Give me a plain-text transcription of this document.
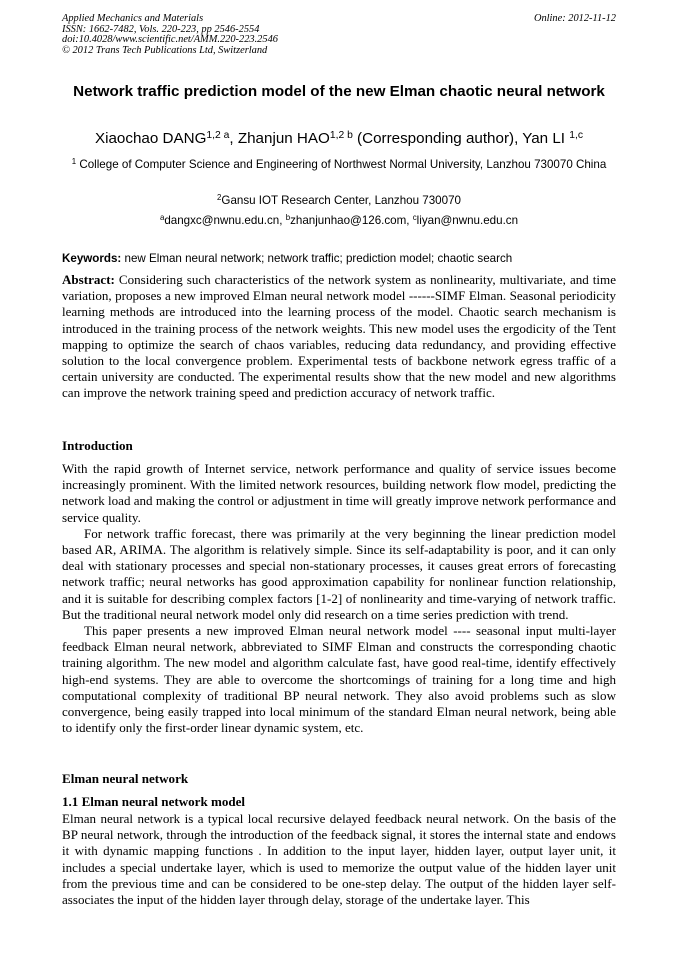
Applied Mechanics and Materials
ISSN: 1662-7482, Vols. 220-223, pp 2546-2554
doi:10.4028/www.scientific.net/AMM.220-223.2546
© 2012 Trans Tech Publications Ltd, Switzerland
Online: 2012-11-12
Network traffic prediction model of the new Elman chaotic neural network
Xiaochao $DANG^{1,2 a}$, Zhanjun $HAO^{1,2 b}$ (Corresponding author), Yan LI $^{1,c}$
$^1$ College of Computer Science and Engineering of Northwest Normal University, Lanzhou 730070 China
$^2$Gansu IOT Research Center, Lanzhou 730070
$^a$dangxc@nwnu.edu.cn, $^b$zhanjunhao@126.com, $^c$liyan@nwnu.edu.cn
Keywords: new Elman neural network; network traffic; prediction model; chaotic search
Abstract: Considering such characteristics of the network system as nonlinearity, multivariate, and time variation, proposes a new improved Elman neural network model ------SIMF Elman. Seasonal periodicity learning methods are introduced into the learning process of the model. Chaotic search mechanism is introduced in the training process of the network weights. This new model uses the ergodicity of the Tent mapping to optimize the search of chaos variables, reducing data redundancy, and providing effective solution to the local convergence problem. Experimental tests of backbone network egress traffic of a certain university are conducted. The experimental results show that the new model and new algorithms can improve the network training speed and prediction accuracy of network traffic.
Introduction

With the rapid growth of Internet service, network performance and quality of service issues become increasingly prominent. With the limited network resources, building network flow model, predicting the network load and making the control or adjustment in time will greatly improve network performance and service quality.

For network traffic forecast, there was primarily at the very beginning the linear prediction model based AR, ARIMA. The algorithm is relatively simple. Since its self-adaptability is poor, and it can only deal with stationary processes and special non-stationary processes, it causes great errors of forecasting network traffic; neural networks has good approximation capability for nonlinear function relationship, and it is suitable for describing complex factors [1-2] of nonlinearity and time-varying of network traffic. But the traditional neural network model only did research on a time series prediction with trend.

This paper presents a new improved Elman neural network model ---- seasonal input multi-layer feedback Elman neural network, abbreviated to SIMF Elman and constructs the corresponding chaotic training algorithm. The new model and algorithm calculate fast, have good real-time, identify effectively high-end systems. They are able to overcome the shortcomings of training for a long time and high computational complexity of traditional BP neural network. They also avoid problems such as slow convergence, being easily trapped into local minimum of the standard Elman neural network, being able to identify only the first-order linear dynamic system, etc.

Elman neural network
1.1 Elman neural network model

Elman neural network is a typical local recursive delayed feedback neural network. On the basis of the BP neural network, through the introduction of the feedback signal, it stores the internal state and endows it with dynamic mapping functions . In addition to the input layer, hidden layer, output layer unit, it includes a special undertake layer, which is used to memorize the output value of the hidden layer unit from the previous time and can be considered to be one-step delay. The output of the hidden layer self-associates the input of the hidden layer through delay, storage of the undertake layer. This
